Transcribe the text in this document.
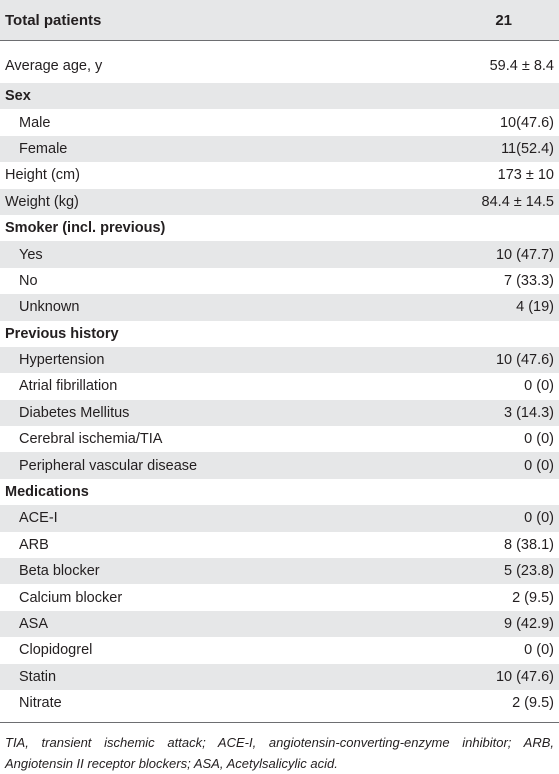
Total patients	21
Average age, y	59.4 ± 8.4
Sex
Male	10(47.6)
Female	11(52.4)
Height (cm)	173 ± 10
Weight (kg)	84.4 ± 14.5
Smoker (incl. previous)
Yes	10 (47.7)
No	7 (33.3)
Unknown	4 (19)
Previous history
Hypertension	10 (47.6)
Atrial fibrillation	0 (0)
Diabetes Mellitus	3 (14.3)
Cerebral ischemia/TIA	0 (0)
Peripheral vascular disease	0 (0)
Medications
ACE-I	0 (0)
ARB	8 (38.1)
Beta blocker	5 (23.8)
Calcium blocker	2 (9.5)
ASA	9 (42.9)
Clopidogrel	0 (0)
Statin	10 (47.6)
Nitrate	2 (9.5)
TIA, transient ischemic attack; ACE-I, angiotensin-converting-enzyme inhibitor; ARB, Angiotensin II receptor blockers; ASA, Acetylsalicylic acid.
